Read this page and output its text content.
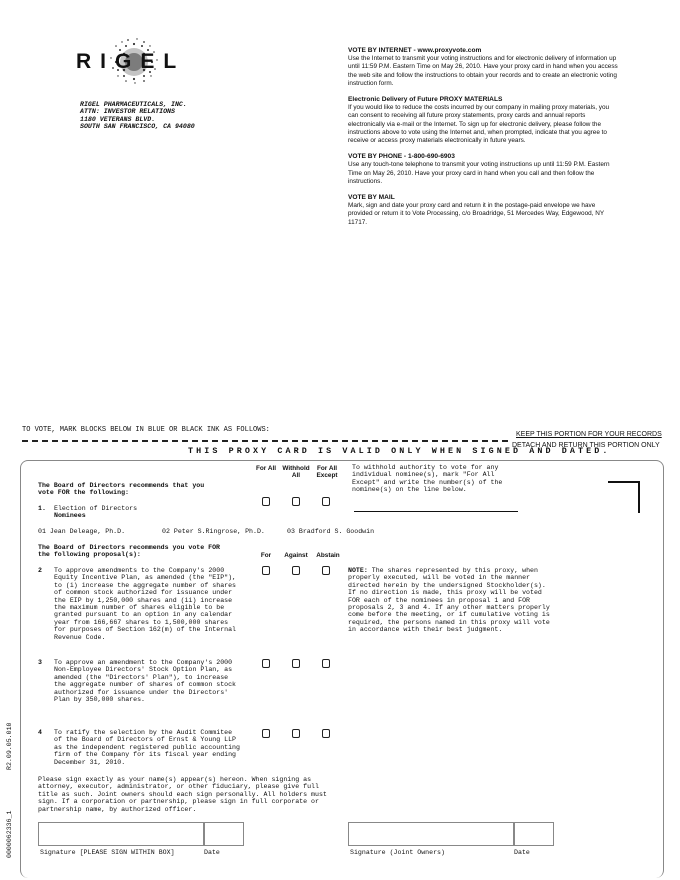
RIGEL
RIGEL PHARMACEUTICALS, INC.
ATTN: INVESTOR RELATIONS
1180 VETERANS BLVD.
SOUTH SAN FRANCISCO, CA 94080
VOTE BY INTERNET - www.proxyvote.com

Use the Internet to transmit your voting instructions and for electronic delivery of information up until 11:59 P.M. Eastern Time on May 26, 2010. Have your proxy card in hand when you access the web site and follow the instructions to obtain your records and to create an electronic voting instruction form.

Electronic Delivery of Future PROXY MATERIALS

If you would like to reduce the costs incurred by our company in mailing proxy materials, you can consent to receiving all future proxy statements, proxy cards and annual reports electronically via e-mail or the Internet. To sign up for electronic delivery, please follow the instructions above to vote using the Internet and, when prompted, indicate that you agree to receive or access proxy materials electronically in future years.

VOTE BY PHONE - 1-800-690-6903

Use any touch-tone telephone to transmit your voting instructions up until 11:59 P.M. Eastern Time on May 26, 2010. Have your proxy card in hand when you call and then follow the instructions.

VOTE BY MAIL

Mark, sign and date your proxy card and return it in the postage-paid envelope we have provided or return it to Vote Processing, c/o Broadridge, 51 Mercedes Way, Edgewood, NY 11717.

TO VOTE, MARK BLOCKS BELOW IN BLUE OR BLACK INK AS FOLLOWS:
KEEP THIS PORTION FOR YOUR RECORDS
THIS PROXY CARD IS VALID ONLY WHEN SIGNED AND DATED.
DETACH AND RETURN THIS PORTION ONLY
For All Withhold All
For All Except
The Board of Directors recommends that you
vote FOR the following:
To withhold authority to vote for any
individual nominee(s), mark "For All
Except" and write the number(s) of the
nominee(s) on the line below.
1. Election of Directors
Nominees
01 Jean Deleage, Ph.D.	02 Peter S.Ringrose, Ph.D.	03 Bradford S. Goodwin
The Board of Directors recommends you vote FOR
the following proposal(s):	For	Against	Abstain
2 To approve amendments to the Company's 2000
Equity Incentive Plan, as amended (the "EIP"),
to (i) increase the aggregate number of shares
of common stock authorized for issuance under
the EIP by 1,250,000 shares and (ii) increase
the maximum number of shares eligible to be
granted pursuant to an option in any calendar
year from 166,667 shares to 1,500,000 shares
for purposes of Section 162(m) of the Internal
Revenue Code.
NOTE: The shares represented by this proxy, when
properly executed, will be voted in the manner
directed herein by the undersigned Stockholder(s).
If no direction is made, this proxy will be voted
FOR each of the nominees in proposal 1 and FOR
proposals 2, 3 and 4. If any other matters properly
come before the meeting, or if cumulative voting is
required, the persons named in this proxy will vote
in accordance with their best judgment.
3 To approve an amendment to the Company's 2000
Non-Employee Directors' Stock Option Plan, as
amended (the "Directors' Plan"), to increase
the aggregate number of shares of common stock
authorized for issuance under the Directors'
Plan by 350,000 shares.
4 To ratify the selection by the Audit Commitee
of the Board of Directors of Ernst & Young LLP
as the independent registered public accounting
firm of the Company for its fiscal year ending
December 31, 2010.
Please sign exactly as your name(s) appear(s) hereon. When signing as
attorney, executor, administrator, or other fiduciary, please give full
title as such. Joint owners should each sign personally. All holders must
sign. If a corporation or partnership, please sign in full corporate or
partnership name, by authorized officer.
Signature [PLEASE SIGN WITHIN BOX]	Date	Signature (Joint Owners)	Date
0000062336_1
R2.09.05.010
